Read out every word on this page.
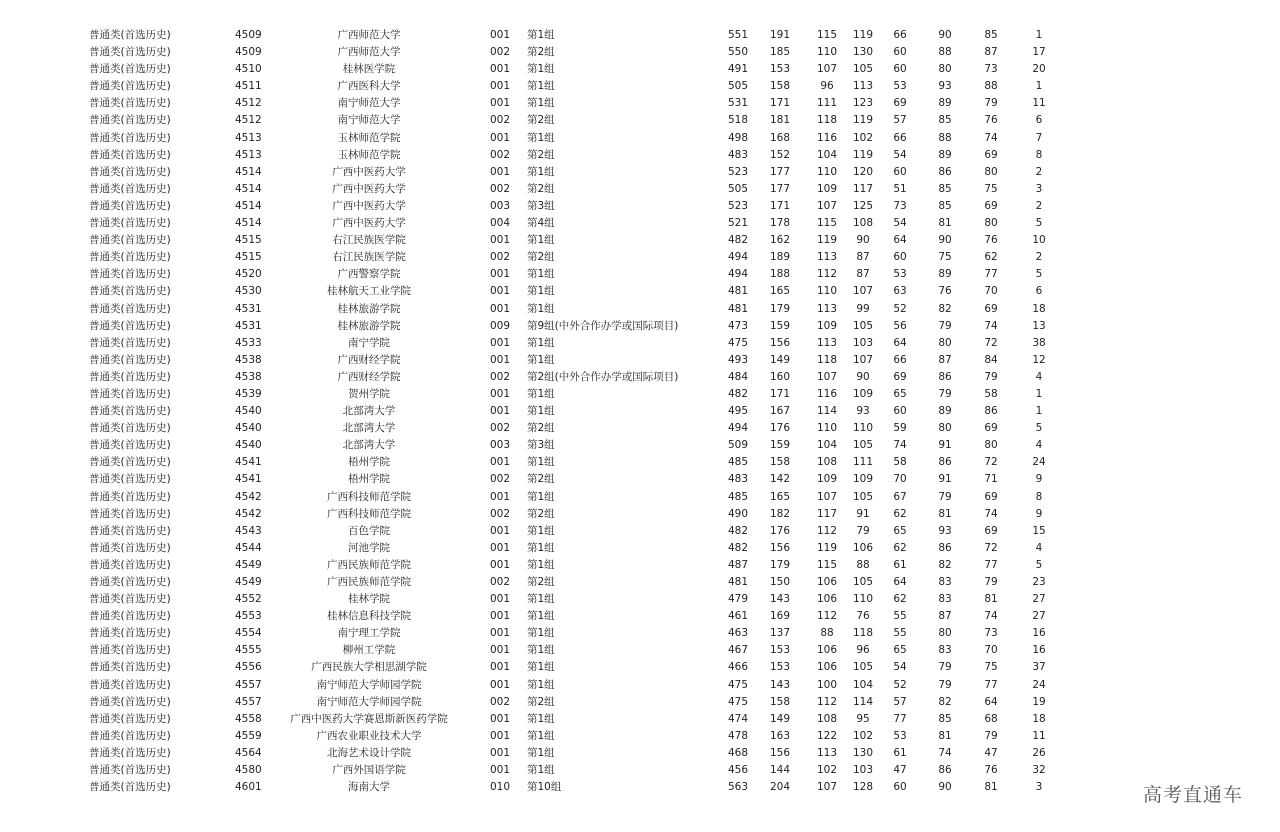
普通类(首选历史)	4509	广西师范大学	001 第1组	551	191	115	119	66	90	85	1
普通类(首选历史)	4509	广西师范大学	002 第2组	550	185	110	130	60	88	87	17
普通类(首选历史)	4510	桂林医学院	001 第1组	491	153	107	105	60	80	73	20
普通类(首选历史)	4511	广西医科大学	001 第1组	505	158	96	113	53	93	88	1
普通类(首选历史)	4512	南宁师范大学	001 第1组	531	171	111	123	69	89	79	11
普通类(首选历史)	4512	南宁师范大学	002 第2组	518	181	118	119	57	85	76	6
普通类(首选历史)	4513	玉林师范学院	001 第1组	498	168	116	102	66	88	74	7
普通类(首选历史)	4513	玉林师范学院	002 第2组	483	152	104	119	54	89	69	8
普通类(首选历史)	4514	广西中医药大学	001 第1组	523	177	110	120	60	86	80	2
普通类(首选历史)	4514	广西中医药大学	002 第2组	505	177	109	117	51	85	75	3
普通类(首选历史)	4514	广西中医药大学	003 第3组	523	171	107	125	73	85	69	2
普通类(首选历史)	4514	广西中医药大学	004 第4组	521	178	115	108	54	81	80	5
普通类(首选历史)	4515	右江民族医学院	001 第1组	482	162	119	90	64	90	76	10
普通类(首选历史)	4515	右江民族医学院	002 第2组	494	189	113	87	60	75	62	2
普通类(首选历史)	4520	广西警察学院	001 第1组	494	188	112	87	53	89	77	5
普通类(首选历史)	4530	桂林航天工业学院	001 第1组	481	165	110	107	63	76	70	6
普通类(首选历史)	4531	桂林旅游学院	001 第1组	481	179	113	99	52	82	69	18
普通类(首选历史)	4531	桂林旅游学院	009 第9组(中外合作办学或国际项目)	473	159	109	105	56	79	74	13
普通类(首选历史)	4533	南宁学院	001 第1组	475	156	113	103	64	80	72	38
普通类(首选历史)	4538	广西财经学院	001 第1组	493	149	118	107	66	87	84	12
普通类(首选历史)	4538	广西财经学院	002 第2组(中外合作办学或国际项目)	484	160	107	90	69	86	79	4
普通类(首选历史)	4539	贺州学院	001 第1组	482	171	116	109	65	79	58	1
普通类(首选历史)	4540	北部湾大学	001 第1组	495	167	114	93	60	89	86	1
普通类(首选历史)	4540	北部湾大学	002 第2组	494	176	110	110	59	80	69	5
普通类(首选历史)	4540	北部湾大学	003 第3组	509	159	104	105	74	91	80	4
普通类(首选历史)	4541	梧州学院	001 第1组	485	158	108	111	58	86	72	24
普通类(首选历史)	4541	梧州学院	002 第2组	483	142	109	109	70	91	71	9
普通类(首选历史)	4542	广西科技师范学院	001 第1组	485	165	107	105	67	79	69	8
普通类(首选历史)	4542	广西科技师范学院	002 第2组	490	182	117	91	62	81	74	9
普通类(首选历史)	4543	百色学院	001 第1组	482	176	112	79	65	93	69	15
普通类(首选历史)	4544	河池学院	001 第1组	482	156	119	106	62	86	72	4
普通类(首选历史)	4549	广西民族师范学院	001 第1组	487	179	115	88	61	82	77	5
普通类(首选历史)	4549	广西民族师范学院	002 第2组	481	150	106	105	64	83	79	23
普通类(首选历史)	4552	桂林学院	001 第1组	479	143	106	110	62	83	81	27
普通类(首选历史)	4553	桂林信息科技学院	001 第1组	461	169	112	76	55	87	74	27
普通类(首选历史)	4554	南宁理工学院	001 第1组	463	137	88	118	55	80	73	16
普通类(首选历史)	4555	柳州工学院	001 第1组	467	153	106	96	65	83	70	16
普通类(首选历史)	4556	广西民族大学相思湖学院	001 第1组	466	153	106	105	54	79	75	37
普通类(首选历史)	4557	南宁师范大学师园学院	001 第1组	475	143	100	104	52	79	77	24
普通类(首选历史)	4557	南宁师范大学师园学院	002 第2组	475	158	112	114	57	82	64	19
普通类(首选历史)	4558	广西中医药大学赛恩斯新医药学院	001 第1组	474	149	108	95	77	85	68	18
普通类(首选历史)	4559	广西农业职业技术大学	001 第1组	478	163	122	102	53	81	79	11
普通类(首选历史)	4564	北海艺术设计学院	001 第1组	468	156	113	130	61	74	47	26
普通类(首选历史)	4580	广西外国语学院	001 第1组	456	144	102	103	47	86	76	32
普通类(首选历史)	4601	海南大学	010 第10组	563	204	107	128	60	90	81	3	高考直通车
